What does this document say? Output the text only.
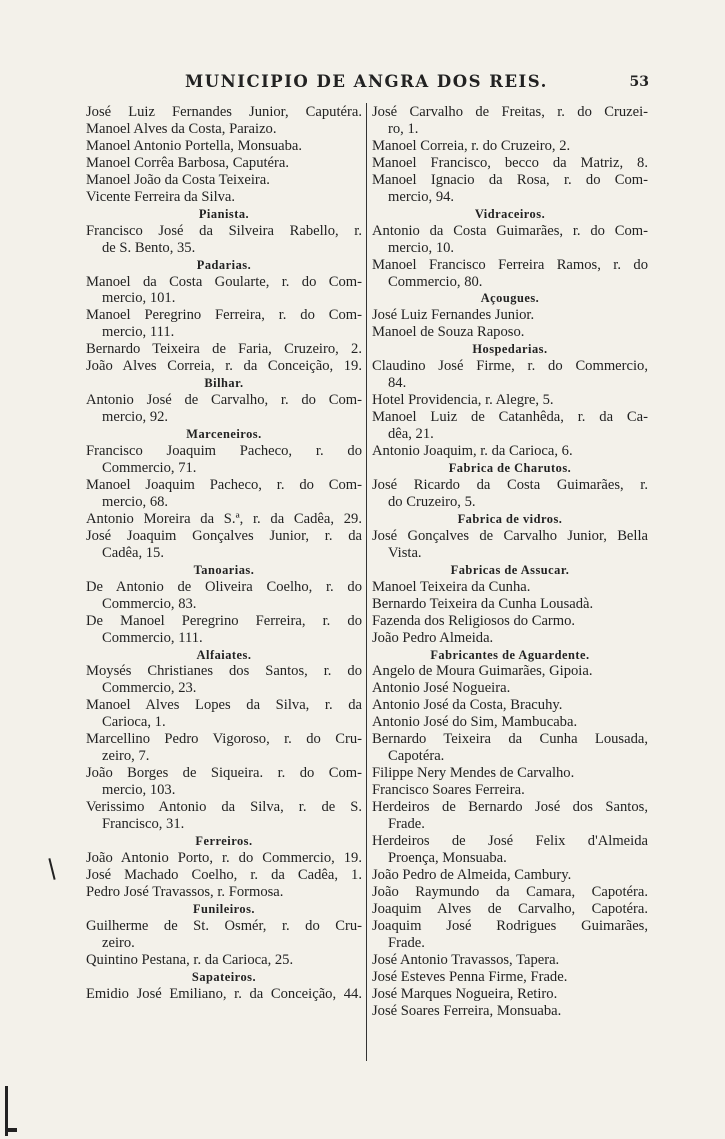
MUNICIPIO DE ANGRA DOS REIS.	53
José Luiz Fernandes Junior, Caputéra.
Manoel Alves da Costa, Paraizo.
Manoel Antonio Portella, Monsuaba.
Manoel Corrêa Barbosa, Caputéra.
Manoel João da Costa Teixeira.
Vicente Ferreira da Silva.
Pianista.
Francisco José da Silveira Rabello, r.
de S. Bento, 35.
Padarias.
Manoel da Costa Goularte, r. do Com-
mercio, 101.
Manoel Peregrino Ferreira, r. do Com-
mercio, 111.
Bernardo Teixeira de Faria, Cruzeiro, 2.
João Alves Correia, r. da Conceição, 19.
Bilhar.
Antonio José de Carvalho, r. do Com-
mercio, 92.
Marceneiros.
Francisco Joaquim Pacheco, r. do
Commercio, 71.
Manoel Joaquim Pacheco, r. do Com-
mercio, 68.
Antonio Moreira da S.ª, r. da Cadêa, 29.
José Joaquim Gonçalves Junior, r. da
Cadêa, 15.
Tanoarias.
De Antonio de Oliveira Coelho, r. do
Commercio, 83.
De Manoel Peregrino Ferreira, r. do
Commercio, 111.
Alfaiates.
Moysés Christianes dos Santos, r. do
Commercio, 23.
Manoel Alves Lopes da Silva, r. da
Carioca, 1.
Marcellino Pedro Vigoroso, r. do Cru-
zeiro, 7.
João Borges de Siqueira. r. do Com-
mercio, 103.
Verissimo Antonio da Silva, r. de S.
Francisco, 31.
Ferreiros.
João Antonio Porto, r. do Commercio, 19.
José Machado Coelho, r. da Cadêa, 1.
Pedro José Travassos, r. Formosa.
Funileiros.
Guilherme de St. Osmér, r. do Cru-
zeiro.
Quintino Pestana, r. da Carioca, 25.
Sapateiros.
Emidio José Emiliano, r. da Conceição, 44.
José Carvalho de Freitas, r. do Cruzei-
ro, 1.
Manoel Correia, r. do Cruzeiro, 2.
Manoel Francisco, becco da Matriz, 8.
Manoel Ignacio da Rosa, r. do Com-
mercio, 94.
Vidraceiros.
Antonio da Costa Guimarães, r. do Com-
mercio, 10.
Manoel Francisco Ferreira Ramos, r. do
Commercio, 80.
Açougues.
José Luiz Fernandes Junior.
Manoel de Souza Raposo.
Hospedarias.
Claudino José Firme, r. do Commercio,
84.
Hotel Providencia, r. Alegre, 5.
Manoel Luiz de Catanhêda, r. da Ca-
dêa, 21.
Antonio Joaquim, r. da Carioca, 6.
Fabrica de Charutos.
José Ricardo da Costa Guimarães, r.
do Cruzeiro, 5.
Fabrica de vidros.
José Gonçalves de Carvalho Junior, Bella
Vista.
Fabricas de Assucar.
Manoel Teixeira da Cunha.
Bernardo Teixeira da Cunha Lousadà.
Fazenda dos Religiosos do Carmo.
João Pedro Almeida.
Fabricantes de Aguardente.
Angelo de Moura Guimarães, Gipoia.
Antonio José Nogueira.
Antonio José da Costa, Bracuhy.
Antonio José do Sim, Mambucaba.
Bernardo Teixeira da Cunha Lousada,
Capotéra.
Filippe Nery Mendes de Carvalho.
Francisco Soares Ferreira.
Herdeiros de Bernardo José dos Santos,
Frade.
Herdeiros de José Felix d'Almeida
Proença, Monsuaba.
João Pedro de Almeida, Cambury.
João Raymundo da Camara, Capotéra.
Joaquim Alves de Carvalho, Capotéra.
Joaquim José Rodrigues Guimarães,
Frade.
José Antonio Travassos, Tapera.
José Esteves Penna Firme, Frade.
José Marques Nogueira, Retiro.
José Soares Ferreira, Monsuaba.
